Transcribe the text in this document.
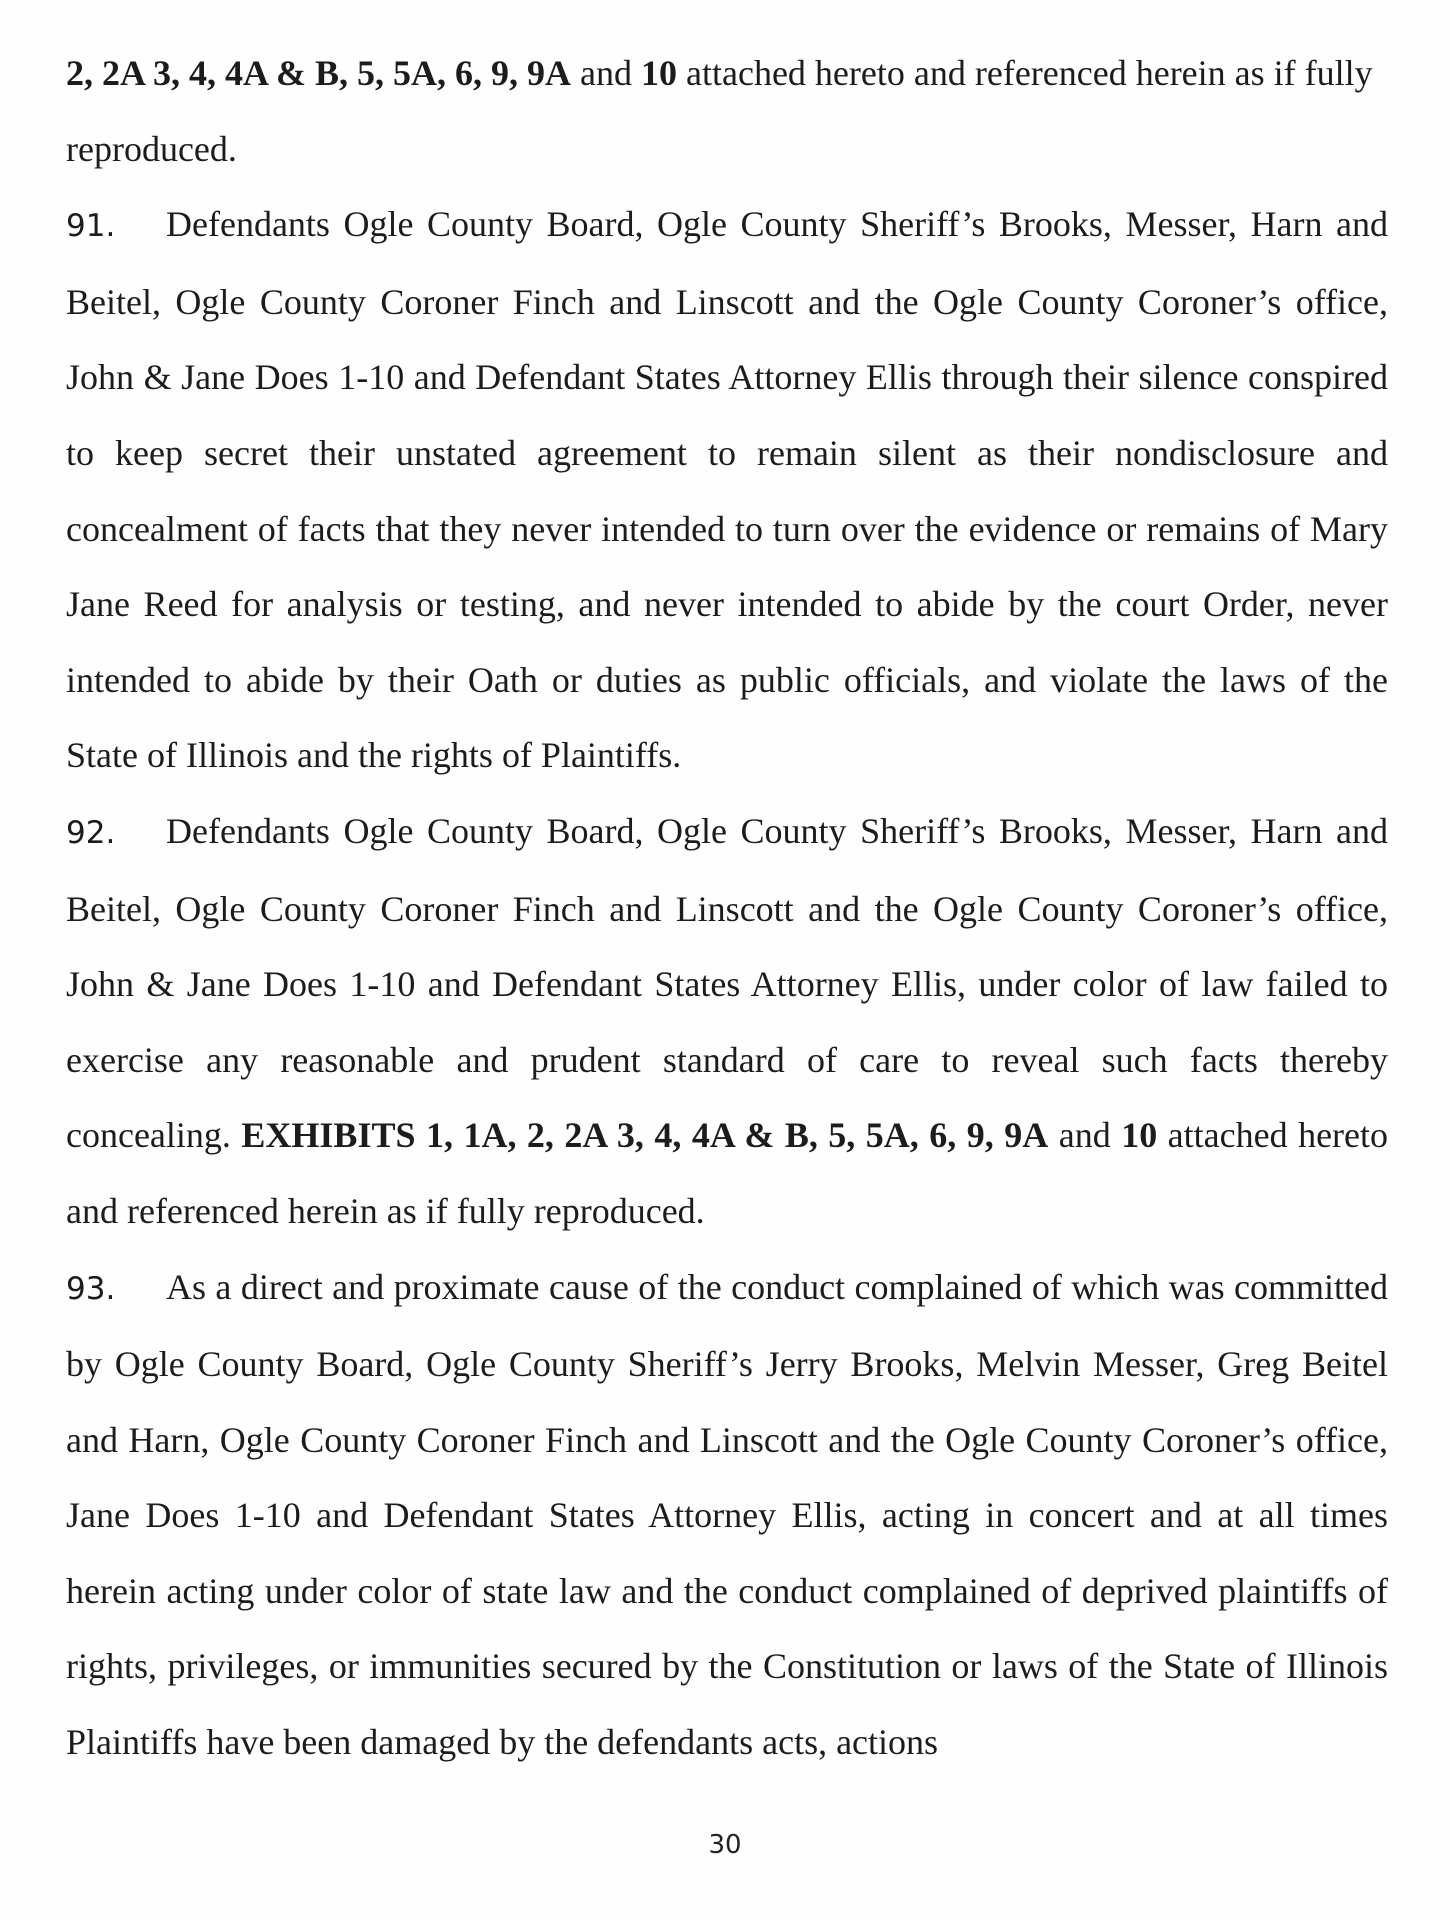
2, 2A 3, 4, 4A & B, 5, 5A, 6, 9, 9A and 10 attached hereto and referenced herein as if fully reproduced.

91. Defendants Ogle County Board, Ogle County Sheriff’s Brooks, Messer, Harn and Beitel, Ogle County Coroner Finch and Linscott and the Ogle County Coroner’s office, John & Jane Does 1-10 and Defendant States Attorney Ellis through their silence conspired to keep secret their unstated agreement to remain silent as their nondisclosure and concealment of facts that they never intended to turn over the evidence or remains of Mary Jane Reed for analysis or testing, and never intended to abide by the court Order, never intended to abide by their Oath or duties as public officials, and violate the laws of the State of Illinois and the rights of Plaintiffs.

92. Defendants Ogle County Board, Ogle County Sheriff’s Brooks, Messer, Harn and Beitel, Ogle County Coroner Finch and Linscott and the Ogle County Coroner’s office, John & Jane Does 1-10 and Defendant States Attorney Ellis, under color of law failed to exercise any reasonable and prudent standard of care to reveal such facts thereby concealing. EXHIBITS 1, 1A, 2, 2A 3, 4, 4A & B, 5, 5A, 6, 9, 9A and 10 attached hereto and referenced herein as if fully reproduced.

93. As a direct and proximate cause of the conduct complained of which was committed by Ogle County Board, Ogle County Sheriff’s Jerry Brooks, Melvin Messer, Greg Beitel and Harn, Ogle County Coroner Finch and Linscott and the Ogle County Coroner’s office, Jane Does 1-10 and Defendant States Attorney Ellis, acting in concert and at all times herein acting under color of state law and the conduct complained of deprived plaintiffs of rights, privileges, or immunities secured by the Constitution or laws of the State of Illinois Plaintiffs have been damaged by the defendants acts, actions

30
